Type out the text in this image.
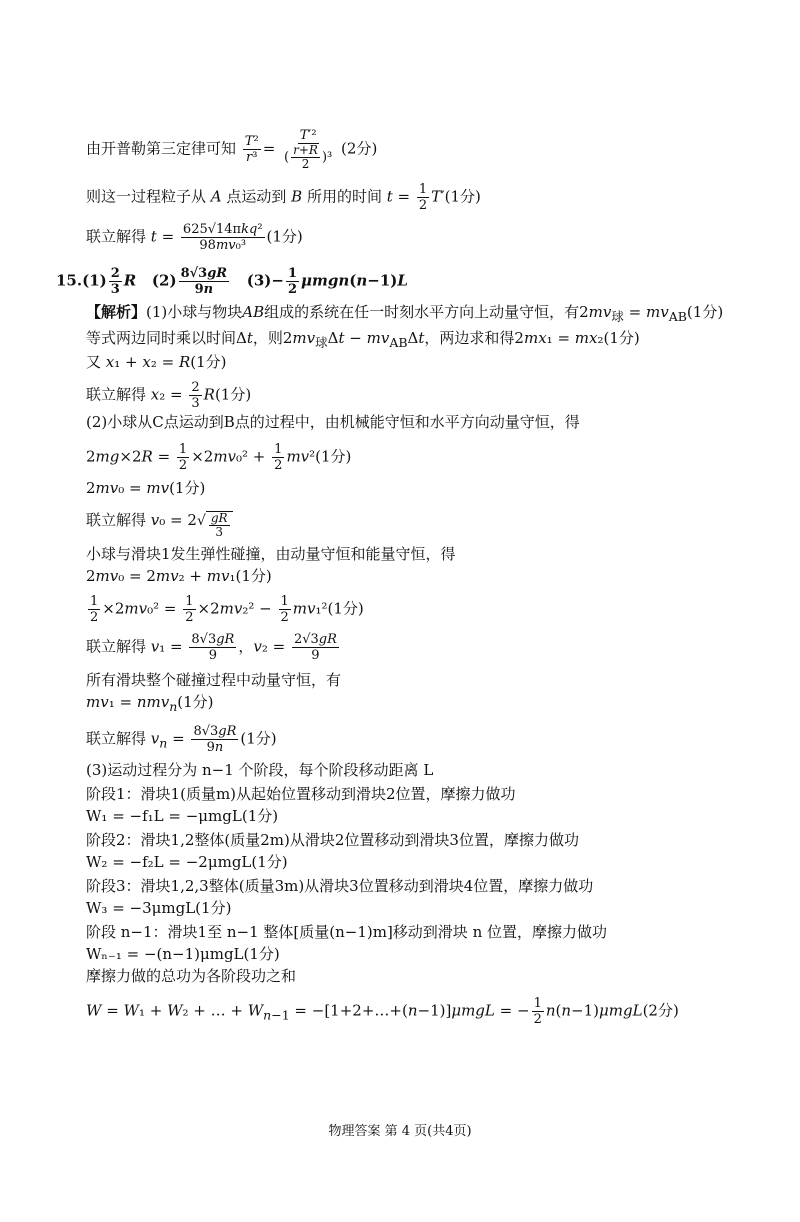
由开普勒第三定律可知 $\frac{\text{T²}}{\text{r³}} = \frac{\text{T′²}}{( \frac{r+R}{2} )^3} (2$分)
则这一过程粒子从 A 点运动到 B 所用的时间 $t = \frac{1}{2} T'(1$分)
联立解得 $t = \frac{\text{625√14πkq²}}{\text{98mv₀³}} (1$分)
$15.(1) \frac{2}{3}$ R   $(2) \frac{8√3gR}{9n} (3)- \frac{1}{2} \mu mgn(n-1)L$
【解析】(1)小球与物块AB组成的系统在任一时刻水平方向上动量守恒，有$2mv_球 = mv_{AB}(1$分)
等式两边同时乘以时间Δt，则$2mv_球\Delta t - mv_{AB}\Delta t$，两边求和得2mx₁ = mx₂(1分)
又 x₁ + x₂ = R(1分)
联立解得 $x_2 = \frac{2}{3} R(1$分)
(2)小球从C点运动到B点的过程中，由机械能守恒和水平方向动量守恒，得
$2mg\times 2R = \frac{1}{2} \times 2mv_0^2 + \frac{1}{2} mv^2(1$分)
2mv₀ = mv(1分)
联立解得 v₀ = 2 √ $\frac{gR}{3}$
小球与滑块1发生弹性碰撞，由动量守恒和能量守恒，得
2mv₀ = 2mv₂ + mv₁(1分)
$\frac{1}{2} \times 2mv_0^2 = \frac{1}{2} \times 2mv_2^2 - \frac{1}{2} mv_1^2(1$分)
联立解得 $v_1 = \frac{8√3gR}{9}$ ，$v_2 = \frac{2√3gR}{9}$
所有滑块整个碰撞过程中动量守恒，有
mv₁ = nmv$_n$(1分)
联立解得 $v_n = \frac{8√3gR}{9n} (1$分)
(3)运动过程分为 n−1 个阶段，每个阶段移动距离 L
阶段1：滑块1(质量m)从起始位置移动到滑块2位置，摩擦力做功
W₁ = −f₁L = −μmgL(1分)
阶段2：滑块1,2整体(质量2m)从滑块2位置移动到滑块3位置，摩擦力做功
W₂ = −f₂L = −2μmgL(1分)
阶段3：滑块1,2,3整体(质量3m)从滑块3位置移动到滑块4位置，摩擦力做功
W₃ = −3μmgL(1分)
阶段 n−1：滑块1至 n−1 整体[质量(n−1)m]移动到滑块 n 位置，摩擦力做功
Wₙ₋₁ = −(n−1)μmgL(1分)
摩擦力做的总功为各阶段功之和
W = W₁ + W₂ + … + $W_{n-1}$ = −[1+2+…+(n−1)]μmgL = − $\frac{1}{2} n(n-1)\mu mgL(2$分)
物理答案 第 4 页(共4页)
